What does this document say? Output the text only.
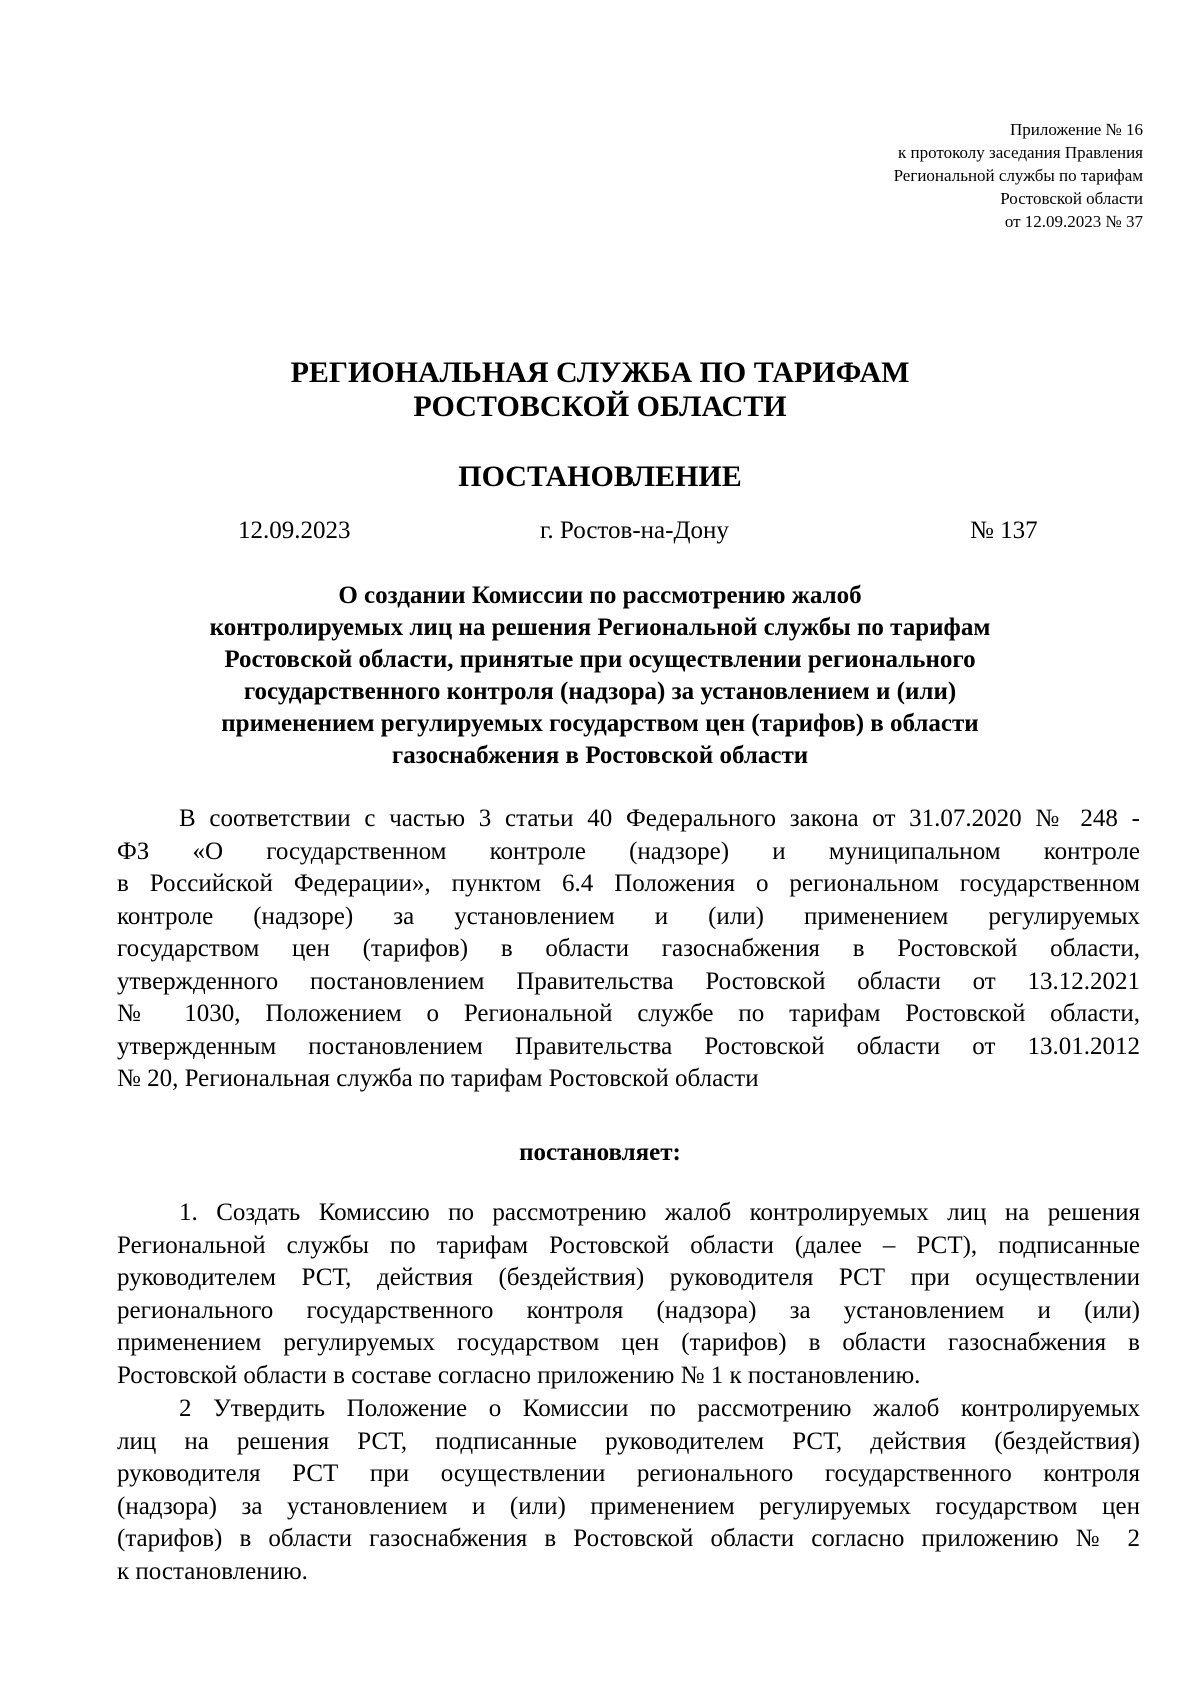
Приложение № 16
к протоколу заседания Правления
Региональной службы по тарифам
Ростовской области
от 12.09.2023 № 37
РЕГИОНАЛЬНАЯ СЛУЖБА ПО ТАРИФАМ
РОСТОВСКОЙ ОБЛАСТИ
ПОСТАНОВЛЕНИЕ
12.09.2023	г. Ростов-на-Дону	№ 137
О создании Комиссии по рассмотрению жалоб
контролируемых лиц на решения Региональной службы по тарифам
Ростовской области, принятые при осуществлении регионального
государственного контроля (надзора) за установлением и (или)
применением регулируемых государством цен (тарифов) в области
газоснабжения в Ростовской области
В соответствии с частью 3 статьи 40 Федерального закона от 31.07.2020 № 248 -
ФЗ «О государственном контроле (надзоре) и муниципальном контроле
в Российской Федерации», пунктом 6.4 Положения о региональном государственном
контроле (надзоре) за установлением и (или) применением регулируемых
государством цен (тарифов) в области газоснабжения в Ростовской области,
утвержденного постановлением Правительства Ростовской области от 13.12.2021
№ 1030, Положением о Региональной службе по тарифам Ростовской области,
утвержденным постановлением Правительства Ростовской области от 13.01.2012
№ 20, Региональная служба по тарифам Ростовской области
постановляет:
1. Создать Комиссию по рассмотрению жалоб контролируемых лиц на решения
Региональной службы по тарифам Ростовской области (далее – РСТ), подписанные
руководителем РСТ, действия (бездействия) руководителя РСТ при осуществлении
регионального государственного контроля (надзора) за установлением и (или)
применением регулируемых государством цен (тарифов) в области газоснабжения в
Ростовской области в составе согласно приложению № 1 к постановлению.
2 Утвердить Положение о Комиссии по рассмотрению жалоб контролируемых
лиц на решения РСТ, подписанные руководителем РСТ, действия (бездействия)
руководителя РСТ при осуществлении регионального государственного контроля
(надзора) за установлением и (или) применением регулируемых государством цен
(тарифов) в области газоснабжения в Ростовской области согласно приложению № 2
к постановлению.
